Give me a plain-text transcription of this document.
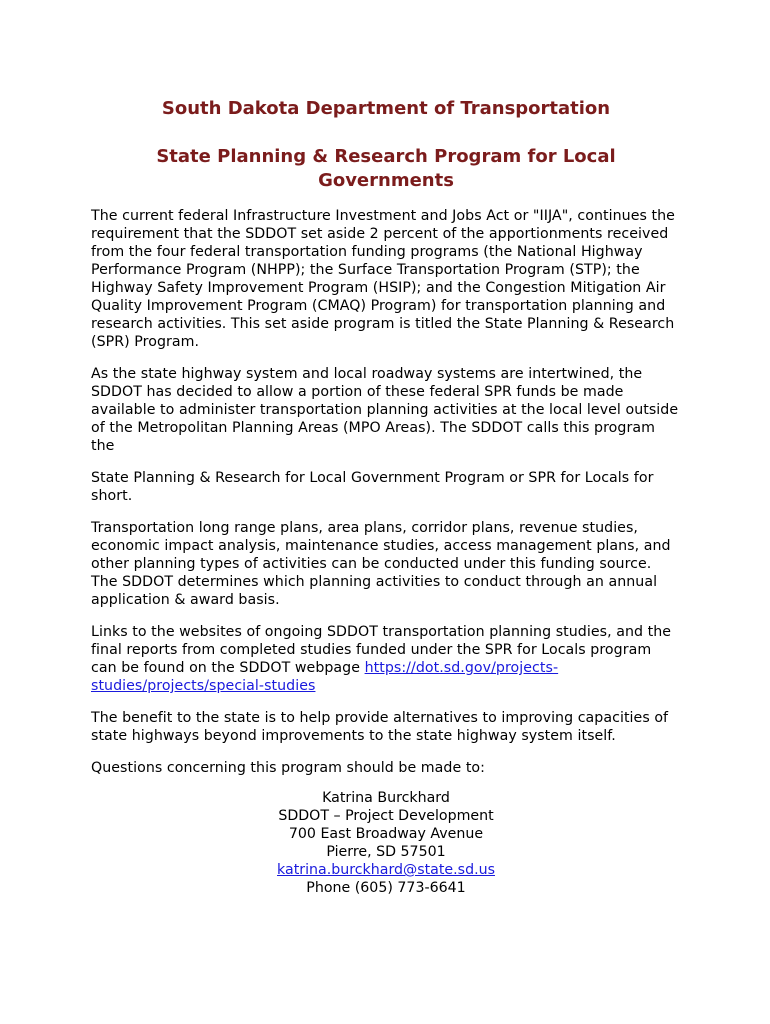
South Dakota Department of Transportation
State Planning & Research Program for Local Governments

The current federal Infrastructure Investment and Jobs Act or "IIJA", continues the requirement that the SDDOT set aside 2 percent of the apportionments received from the four federal transportation funding programs (the National Highway Performance Program (NHPP); the Surface Transportation Program (STP); the Highway Safety Improvement Program (HSIP); and the Congestion Mitigation Air Quality Improvement Program (CMAQ) Program) for transportation planning and research activities. This set aside program is titled the State Planning & Research (SPR) Program.

As the state highway system and local roadway systems are intertwined, the SDDOT has decided to allow a portion of these federal SPR funds be made available to administer transportation planning activities at the local level outside of the Metropolitan Planning Areas (MPO Areas). The SDDOT calls this program the

State Planning & Research for Local Government Program or SPR for Locals for short.

Transportation long range plans, area plans, corridor plans, revenue studies, economic impact analysis, maintenance studies, access management plans, and other planning types of activities can be conducted under this funding source. The SDDOT determines which planning activities to conduct through an annual application & award basis.

Links to the websites of ongoing SDDOT transportation planning studies, and the final reports from completed studies funded under the SPR for Locals program can be found on the SDDOT webpage https://dot.sd.gov/projects-studies/projects/special-studies

The benefit to the state is to help provide alternatives to improving capacities of state highways beyond improvements to the state highway system itself.

Questions concerning this program should be made to:

Katrina Burckhard
SDDOT – Project Development
700 East Broadway Avenue
Pierre, SD 57501
katrina.burckhard@state.sd.us
Phone (605) 773-6641
